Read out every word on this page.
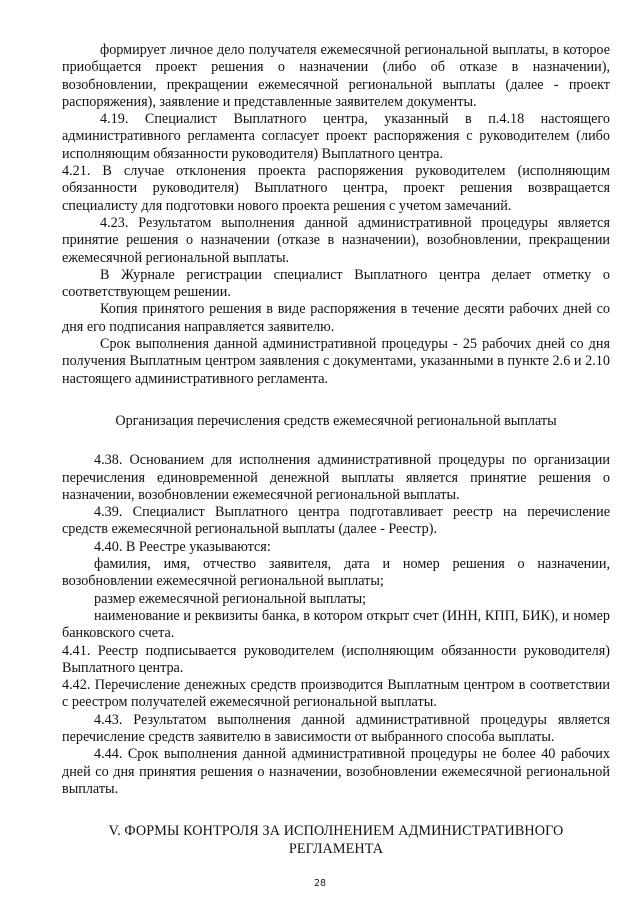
формирует личное дело получателя ежемесячной региональной выплаты, в которое приобщается проект решения о назначении (либо об отказе в назначении), возобновлении, прекращении ежемесячной региональной выплаты (далее - проект распоряжения), заявление и представленные заявителем документы.

4.19. Специалист Выплатного центра, указанный в п.4.18 настоящего административного регламента согласует проект распоряжения с руководителем (либо исполняющим обязанности руководителя) Выплатного центра.

4.21. В случае отклонения проекта распоряжения руководителем (исполняющим обязанности руководителя) Выплатного центра, проект решения возвращается специалисту для подготовки нового проекта решения с учетом замечаний.

4.23. Результатом выполнения данной административной процедуры является принятие решения о назначении (отказе в назначении), возобновлении, прекращении ежемесячной региональной выплаты.

В Журнале регистрации специалист Выплатного центра делает отметку о соответствующем решении.

Копия принятого решения в виде распоряжения в течение десяти рабочих дней со дня его подписания направляется заявителю.

Срок выполнения данной административной процедуры - 25 рабочих дней со дня получения Выплатным центром заявления с документами, указанными в пункте 2.6 и 2.10 настоящего административного регламента.

Организация перечисления средств ежемесячной региональной выплаты

4.38. Основанием для исполнения административной процедуры по организации перечисления единовременной денежной выплаты является принятие решения о назначении, возобновлении ежемесячной региональной выплаты.

4.39. Специалист Выплатного центра подготавливает реестр на перечисление средств ежемесячной региональной выплаты (далее - Реестр).

4.40. В Реестре указываются:

фамилия, имя, отчество заявителя, дата и номер решения о назначении, возобновлении ежемесячной региональной выплаты;

размер ежемесячной региональной выплаты;

наименование и реквизиты банка, в котором открыт счет (ИНН, КПП, БИК), и номер банковского счета.

4.41. Реестр подписывается руководителем (исполняющим обязанности руководителя) Выплатного центра.

4.42. Перечисление денежных средств производится Выплатным центром в соответствии с реестром получателей ежемесячной региональной выплаты.

4.43. Результатом выполнения данной административной процедуры является перечисление средств заявителю в зависимости от выбранного способа выплаты.

4.44. Срок выполнения данной административной процедуры не более 40 рабочих дней со дня принятия решения о назначении, возобновлении ежемесячной региональной выплаты.

V. ФОРМЫ КОНТРОЛЯ ЗА ИСПОЛНЕНИЕМ АДМИНИСТРАТИВНОГО
РЕГЛАМЕНТА
28
